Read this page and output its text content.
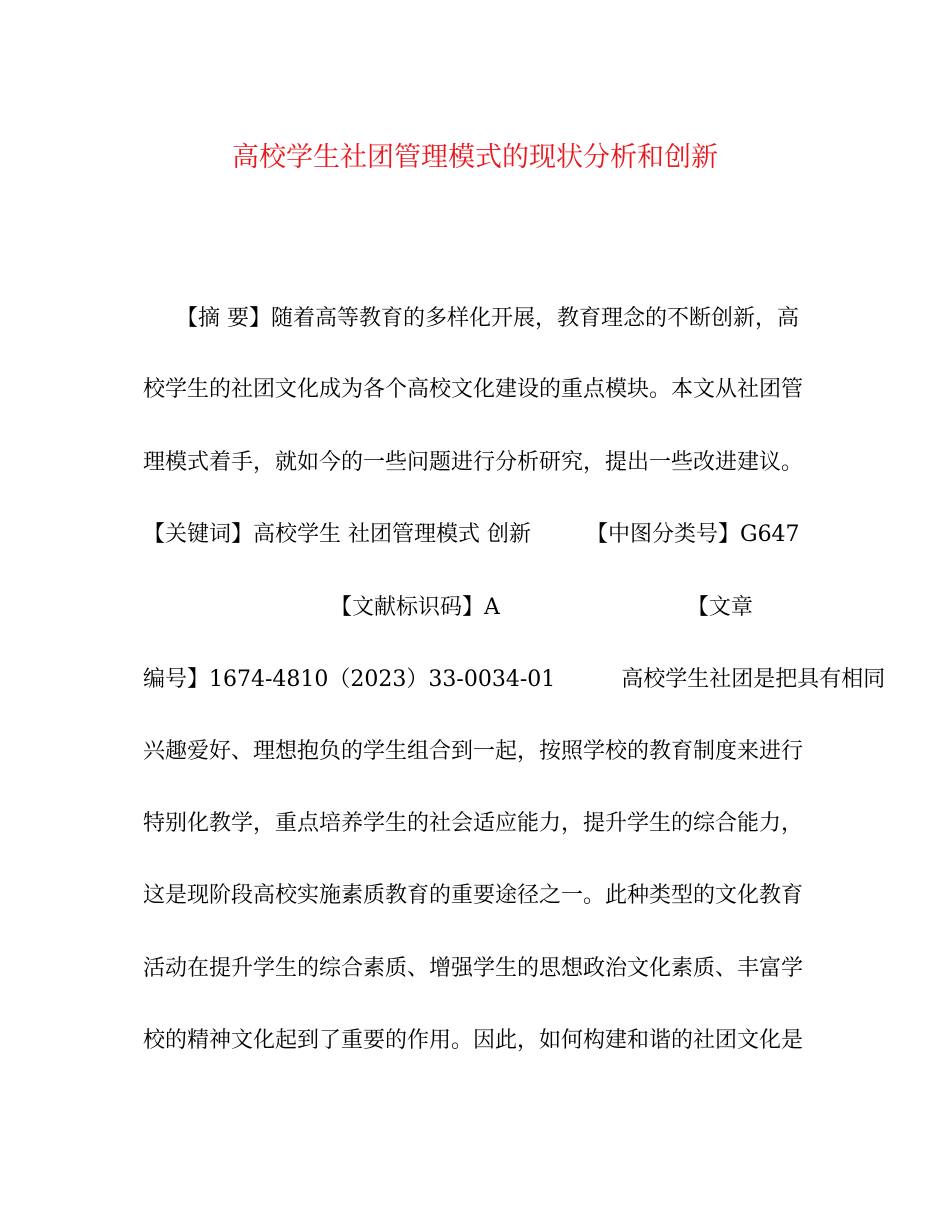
高校学生社团管理模式的现状分析和创新
　　【摘 要】随着高等教育的多样化开展，教育理念的不断创新，高
校学生的社团文化成为各个高校文化建设的重点模块。本文从社团管
理模式着手，就如今的一些问题进行分析研究，提出一些改进建议。
【关键词】高校学生 社团管理模式 创新　　　【中图分类号】G647
　　　　　　　　　【文献标识码】A　　　　　　　　　【文章
编号】1674-4810（2023）33-0034-01　　　高校学生社团是把具有相同
兴趣爱好、理想抱负的学生组合到一起，按照学校的教育制度来进行
特别化教学，重点培养学生的社会适应能力，提升学生的综合能力，
这是现阶段高校实施素质教育的重要途径之一。此种类型的文化教育
活动在提升学生的综合素质、增强学生的思想政治文化素质、丰富学
校的精神文化起到了重要的作用。因此，如何构建和谐的社团文化是
